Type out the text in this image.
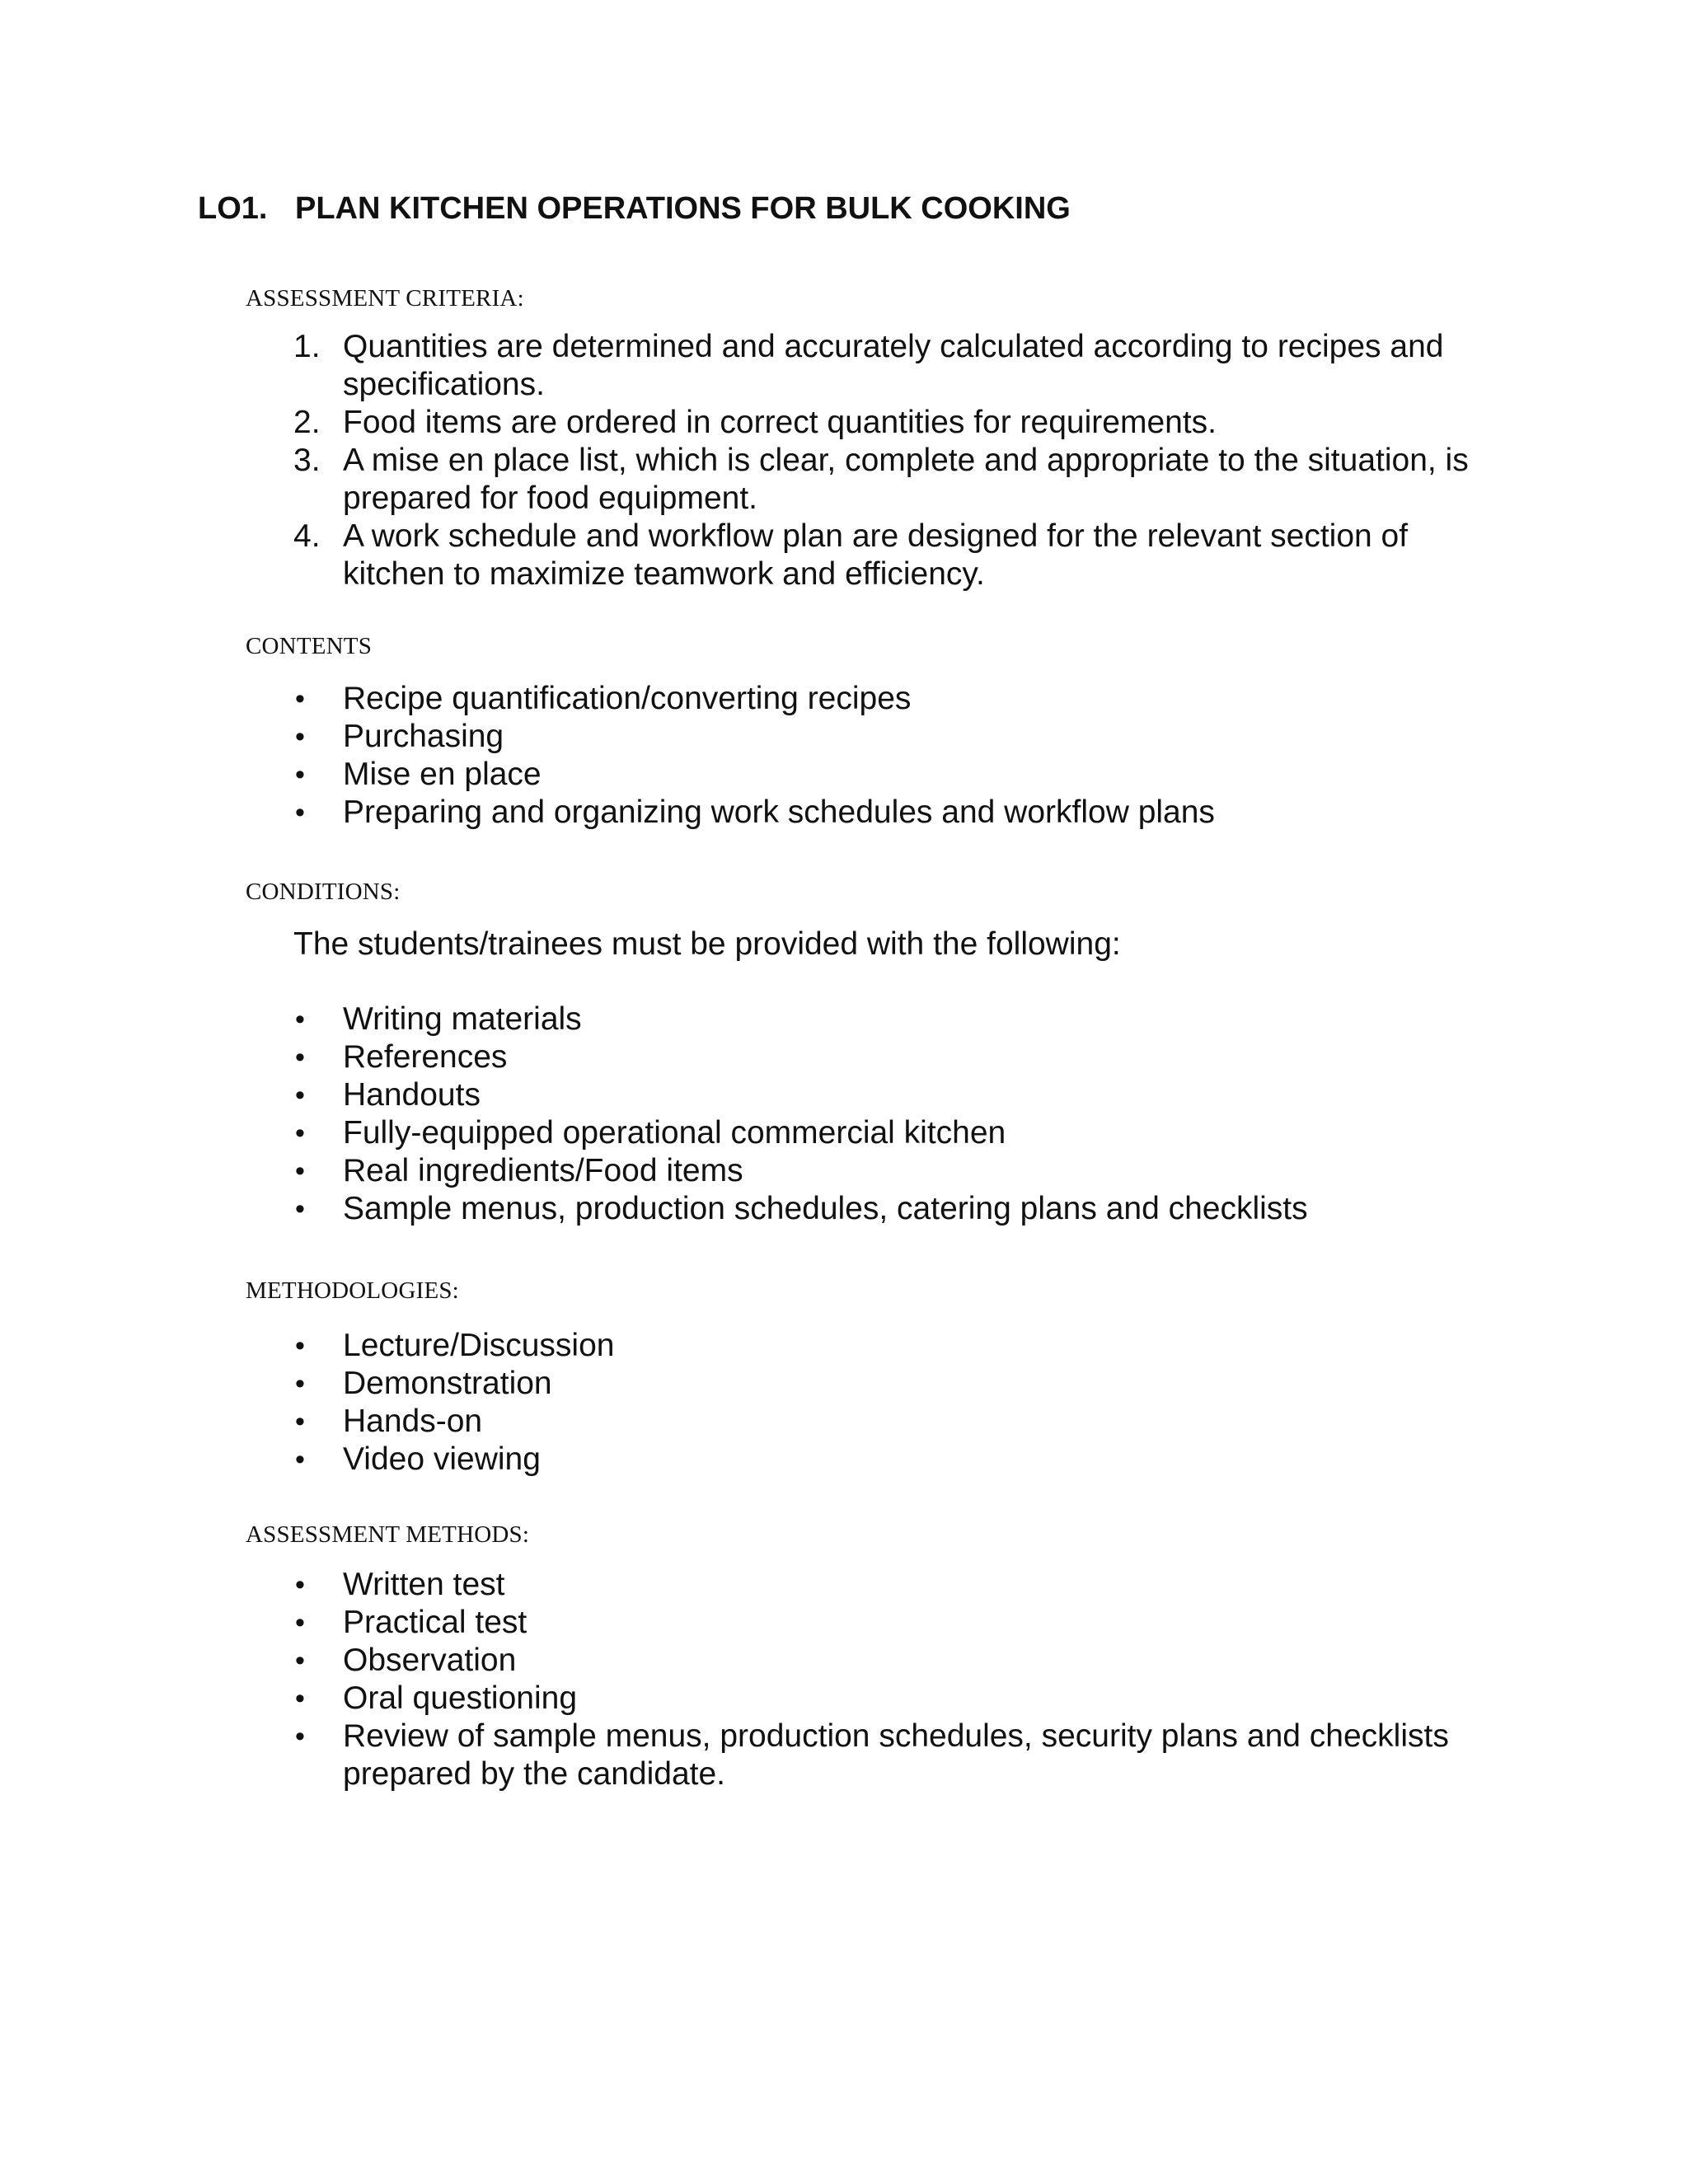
LO1. PLAN KITCHEN OPERATIONS FOR BULK COOKING
ASSESSMENT CRITERIA:
1. Quantities are determined and accurately calculated according to recipes and specifications.
2. Food items are ordered in correct quantities for requirements.
3. A mise en place list, which is clear, complete and appropriate to the situation, is prepared for food equipment.
4. A work schedule and workflow plan are designed for the relevant section of kitchen to maximize teamwork and efficiency.
CONTENTS
• Recipe quantification/converting recipes
• Purchasing
• Mise en place
• Preparing and organizing work schedules and workflow plans
CONDITIONS:
The students/trainees must be provided with the following:
• Writing materials
• References
• Handouts
• Fully-equipped operational commercial kitchen
• Real ingredients/Food items
• Sample menus, production schedules, catering plans and checklists
METHODOLOGIES:
• Lecture/Discussion
• Demonstration
• Hands-on
• Video viewing
ASSESSMENT METHODS:
• Written test
• Practical test
• Observation
• Oral questioning
• Review of sample menus, production schedules, security plans and checklists prepared by the candidate.
